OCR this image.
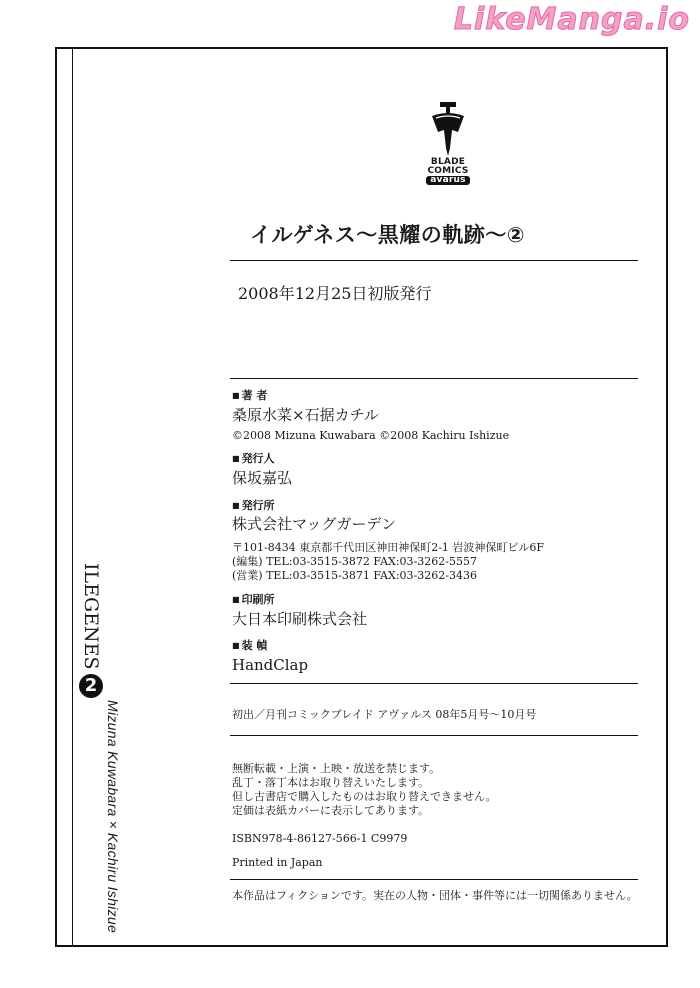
LikeManga.io
BLADE
COMICS
avarus
イルゲネス〜黒耀の軌跡〜②
2008年12月25日初版発行
■ 著 者
桑原水菜×石据カチル
©2008 Mizuna Kuwabara ©2008 Kachiru Ishizue
■ 発行人
保坂嘉弘
■ 発行所
株式会社マッグガーデン
〒101-8434 東京都千代田区神田神保町2-1 岩波神保町ビル6F
(編集) TEL:03-3515-3872 FAX:03-3262-5557
(営業) TEL:03-3515-3871 FAX:03-3262-3436
■ 印刷所
大日本印刷株式会社
■ 装 幀
HandClap
初出／月刊コミックブレイド アヴァルス 08年5月号〜10月号
無断転載・上演・上映・放送を禁じます。
乱丁・落丁本はお取り替えいたします。
但し古書店で購入したものはお取り替えできません。
定価は表紙カバーに表示してあります。
ISBN978-4-86127-566-1 C9979
Printed in Japan
本作品はフィクションです。実在の人物・団体・事件等には一切関係ありません。
ILEGENES2
Mizuna Kuwabara×Kachiru Ishizue
